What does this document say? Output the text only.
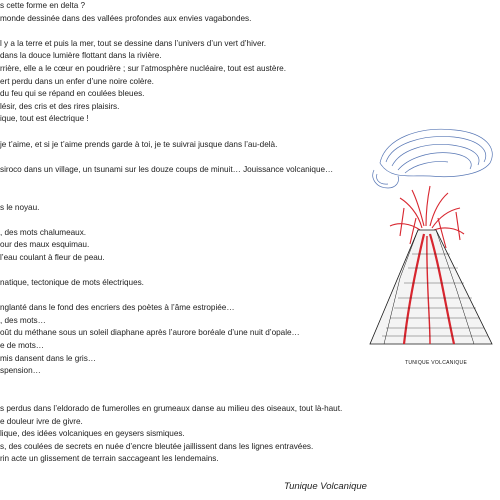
s cette forme en delta ?
monde dessinée dans des vallées profondes aux envies vagabondes.
l y a la terre et puis la mer, tout se dessine dans l’univers d’un vert d’hiver.
dans la douce lumière flottant dans la rivière.
rrière, elle a le cœur en poudrière ; sur l’atmosphère nucléaire, tout est austère.
ert perdu dans un enfer d’une noire colère.
du feu qui se répand en coulées bleues.
lésir, des cris et des rires plaisirs.
ique, tout est électrique !
je t’aime, et si je t’aime prends garde à toi, je te suivrai jusque dans l’au-delà.
siroco dans un village, un tsunami sur les douze coups de minuit… Jouissance volcanique…
s le noyau.
, des mots chalumeaux.
our des maux esquimau.
l’eau coulant à fleur de peau.
natique, tectonique de mots électriques.
nglanté dans le fond des encriers des poètes à l’âme estropiée…
, des mots…
oût du méthane sous un soleil diaphane après l’aurore boréale d’une nuit d’opale…
e de mots…
mis dansent dans le gris…
spension…
s perdus dans l’eldorado de fumerolles en grumeaux danse au milieu des oiseaux, tout là-haut.
e douleur ivre de givre.
lique, des idées volcaniques en geysers sismiques.
s, des coulées de secrets en nuée d’encre bleutée jaillissent dans les lignes entravées.
rin acte un glissement de terrain saccageant les lendemains.
TUNIQUE VOLCANIQUE
Tunique Volcanique
